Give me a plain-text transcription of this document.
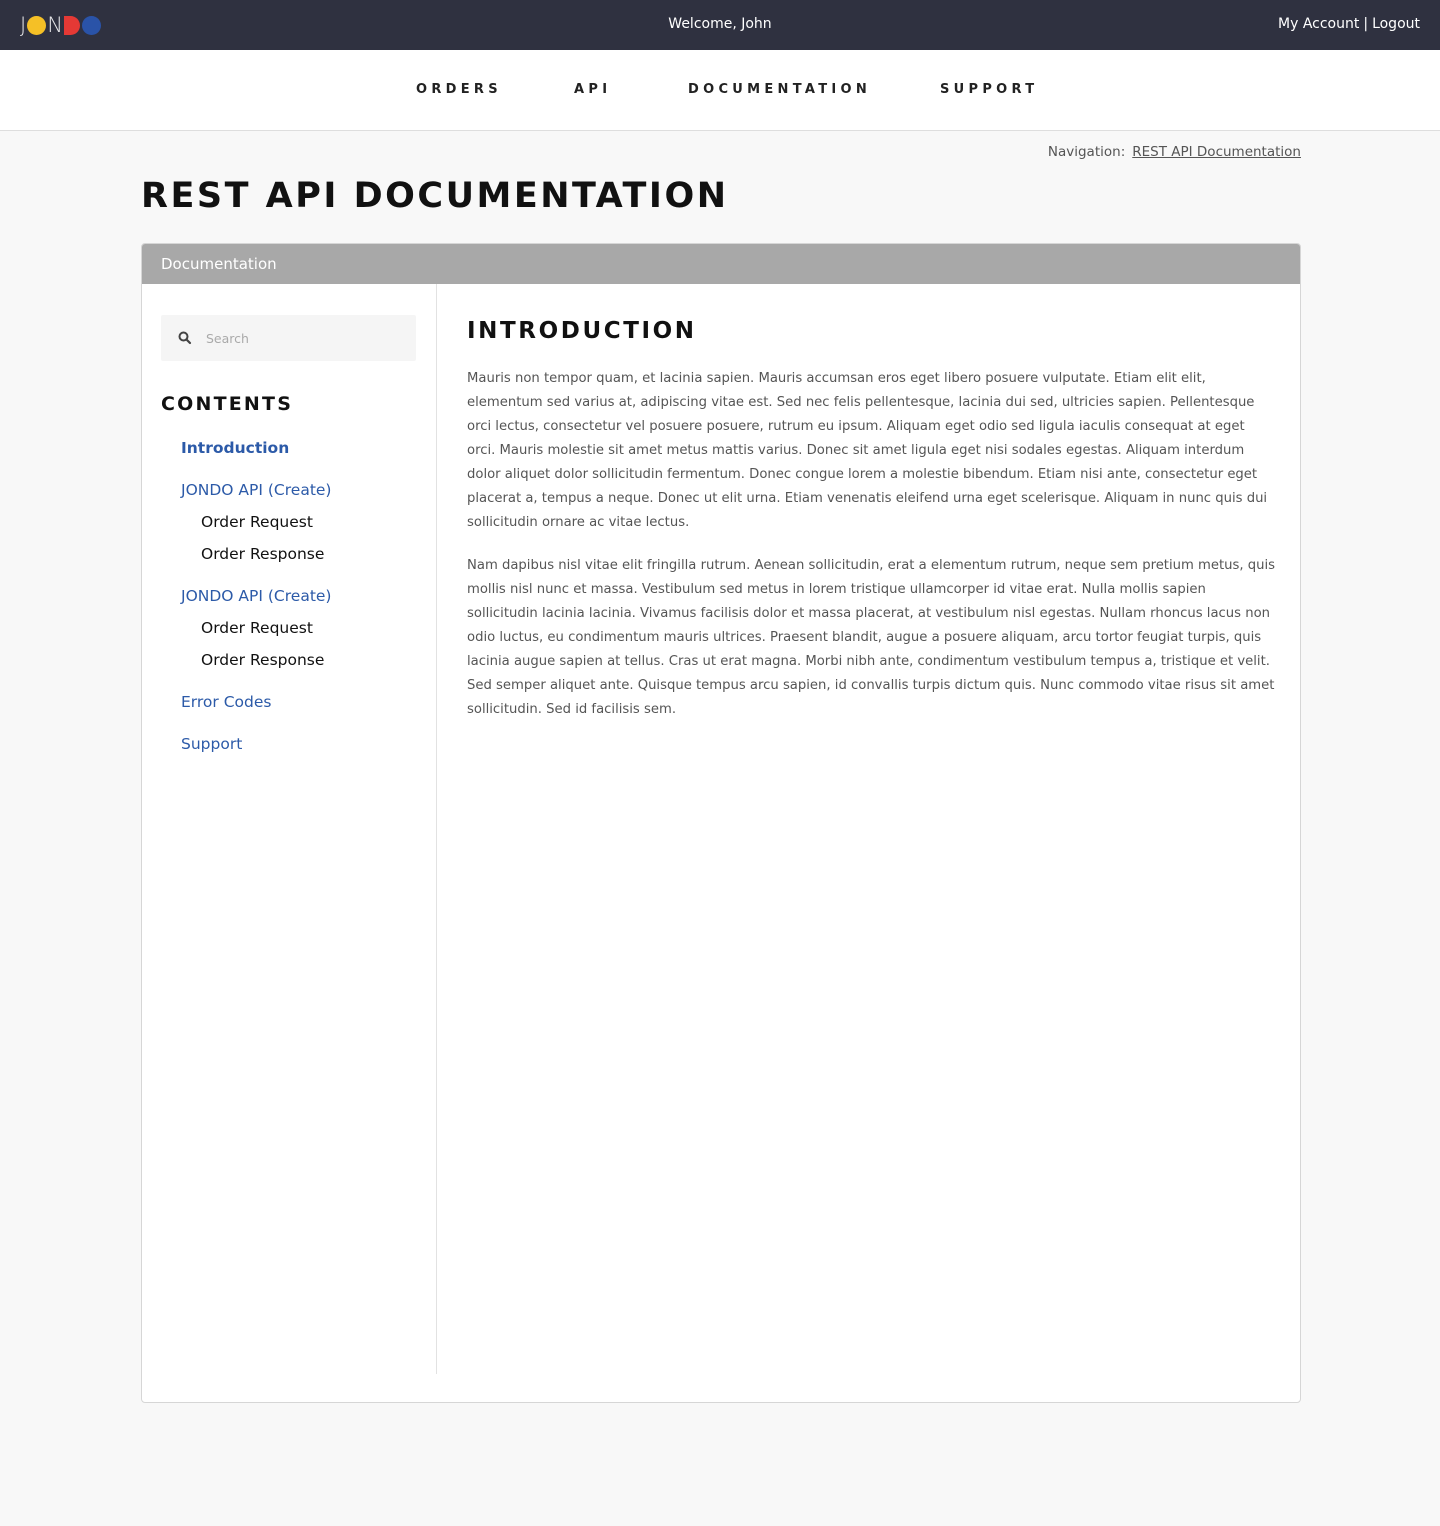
J N	Welcome, John	My Account | Logout
ORDERS	API	DOCUMENTATION	SUPPORT
Navigation: REST API Documentation
REST API DOCUMENTATION
Documentation
Search
CONTENTS
Introduction
JONDO API (Create)
Order Request
Order Response
JONDO API (Create)
Order Request
Order Response
Error Codes
Support
INTRODUCTION

Mauris non tempor quam, et lacinia sapien. Mauris accumsan eros eget libero posuere vulputate. Etiam elit elit, elementum sed varius at, adipiscing vitae est. Sed nec felis pellentesque, lacinia dui sed, ultricies sapien. Pellentesque orci lectus, consectetur vel posuere posuere, rutrum eu ipsum. Aliquam eget odio sed ligula iaculis consequat at eget orci. Mauris molestie sit amet metus mattis varius. Donec sit amet ligula eget nisi sodales egestas. Aliquam interdum dolor aliquet dolor sollicitudin fermentum. Donec congue lorem a molestie bibendum. Etiam nisi ante, consectetur eget placerat a, tempus a neque. Donec ut elit urna. Etiam venenatis eleifend urna eget scelerisque. Aliquam in nunc quis dui sollicitudin ornare ac vitae lectus.

Nam dapibus nisl vitae elit fringilla rutrum. Aenean sollicitudin, erat a elementum rutrum, neque sem pretium metus, quis mollis nisl nunc et massa. Vestibulum sed metus in lorem tristique ullamcorper id vitae erat. Nulla mollis sapien sollicitudin lacinia lacinia. Vivamus facilisis dolor et massa placerat, at vestibulum nisl egestas. Nullam rhoncus lacus non odio luctus, eu condimentum mauris ultrices. Praesent blandit, augue a posuere aliquam, arcu tortor feugiat turpis, quis lacinia augue sapien at tellus. Cras ut erat magna. Morbi nibh ante, condimentum vestibulum tempus a, tristique et velit. Sed semper aliquet ante. Quisque tempus arcu sapien, id convallis turpis dictum quis. Nunc commodo vitae risus sit amet sollicitudin. Sed id facilisis sem.
